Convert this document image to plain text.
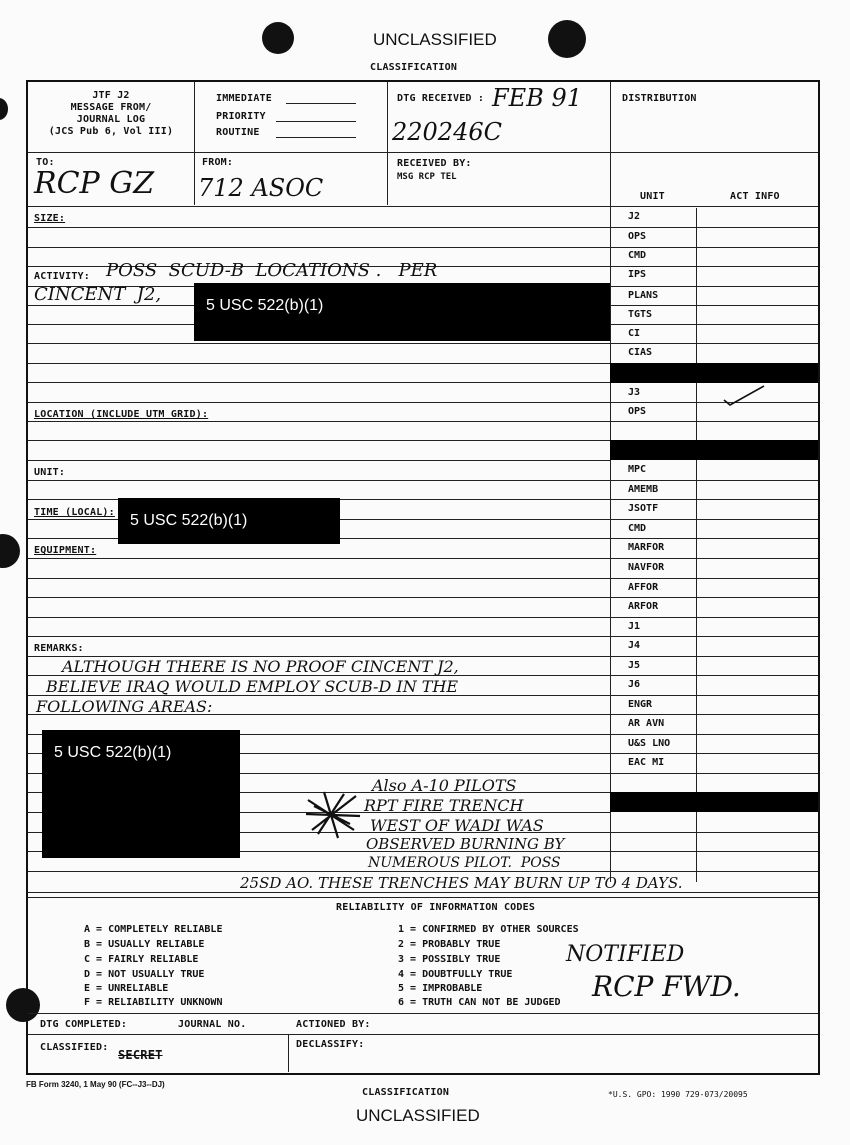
UNCLASSIFIED
CLASSIFICATION
JTF J2
MESSAGE FROM/
JOURNAL LOG
(JCS Pub 6, Vol III)
IMMEDIATE
PRIORITY
ROUTINE
DTG RECEIVED : FEB 91
220246C
DISTRIBUTION
TO:
RCP GZ
FROM:
712 ASOC
RECEIVED BY:
MSG RCP TEL
UNIT	ACT INFO
J2
OPS
CMD
IPS
PLANS
TGTS
CI
CIAS
J3
OPS
MPC
AMEMB
JSOTF
CMD
MARFOR
NAVFOR
AFFOR
ARFOR
J1
J4
J5
J6
ENGR
AR AVN
U&S LNO
EAC MI
SIZE:
ACTIVITY: POSS  SCUD-B  LOCATIONS .   PER
CINCENT  J2,
LOCATION (INCLUDE UTM GRID):
UNIT:
TIME (LOCAL):
EQUIPMENT:
REMARKS:
ALTHOUGH THERE IS NO PROOF CINCENT J2,
BELIEVE IRAQ WOULD EMPLOY SCUB-D IN THE
FOLLOWING AREAS:
Also A-10 PILOTS
RPT FIRE TRENCH
WEST OF WADI WAS
OBSERVED BURNING BY
NUMEROUS PILOT.  POSS
25SD AO. THESE TRENCHES MAY BURN UP TO 4 DAYS.
5 USC 522(b)(1)
5 USC 522(b)(1)
5 USC 522(b)(1)
RELIABILITY OF INFORMATION CODES
A = COMPLETELY RELIABLE
B = USUALLY RELIABLE
C = FAIRLY RELIABLE
D = NOT USUALLY TRUE
E = UNRELIABLE
F = RELIABILITY UNKNOWN
1 = CONFIRMED BY OTHER SOURCES
2 = PROBABLY TRUE
3 = POSSIBLY TRUE
4 = DOUBTFULLY TRUE
5 = IMPROBABLE
6 = TRUTH CAN NOT BE JUDGED
NOTIFIED
RCP FWD.
DTG COMPLETED:	JOURNAL NO.	ACTIONED BY:
CLASSIFIED:
SECRET
DECLASSIFY:
FB Form 3240, 1 May 90 (FC--J3--DJ)
CLASSIFICATION	*U.S. GPO: 1990 729-073/20095
UNCLASSIFIED
